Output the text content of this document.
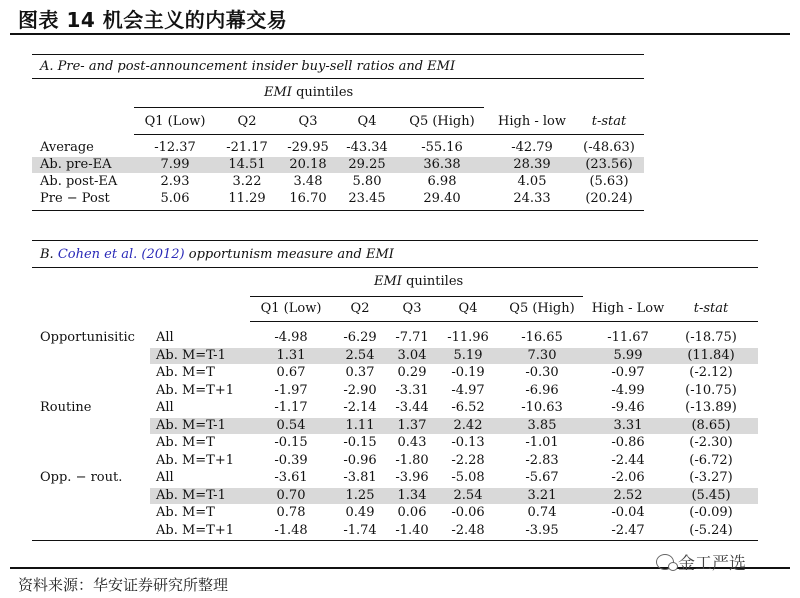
图表 14 机会主义的内幕交易
A. Pre- and post-announcement insider buy-sell ratios and EMI
EMI quintiles
Q1 (Low) Q2	Q3	Q4	Q5 (High) High - low t-stat
Average	-12.37 -21.17 -29.95 -43.34	-55.16	-42.79 (-48.63)
Ab. pre-EA	7.99	14.51 20.18 29.25	36.38	28.39	(23.56)
Ab. post-EA	2.93	3.22 3.48 5.80	6.98	4.05	(5.63)
Pre − Post	5.06	11.29 16.70 23.45	29.40	24.33	(20.24)
B. Cohen et al. (2012) opportunism measure and EMI
EMI quintiles
Q1 (Low) Q2	Q3	Q4 Q5 (High) High - Low t-stat
Opportunisitic All	-4.98	-6.29 -7.71 -11.96 -16.65	-11.67	(-18.75)
Ab. M=T-1	1.31	2.54 3.04 5.19	7.30	5.99	(11.84)
Ab. M=T	0.67	0.37 0.29 -0.19	-0.30	-0.97	(-2.12)
Ab. M=T+1	-1.97	-2.90 -3.31 -4.97	-6.96	-4.99	(-10.75)
Routine	All	-1.17	-2.14 -3.44 -6.52	-10.63	-9.46	(-13.89)
Ab. M=T-1	0.54	1.11 1.37 2.42	3.85	3.31	(8.65)
Ab. M=T	-0.15	-0.15 0.43 -0.13	-1.01	-0.86	(-2.30)
Ab. M=T+1	-0.39	-0.96 -1.80 -2.28	-2.83	-2.44	(-6.72)
Opp. − rout.	All	-3.61	-3.81 -3.96 -5.08	-5.67	-2.06	(-3.27)
Ab. M=T-1	0.70	1.25 1.34 2.54	3.21	2.52	(5.45)
Ab. M=T	0.78	0.49 0.06 -0.06	0.74	-0.04	(-0.09)
Ab. M=T+1	-1.48	-1.74 -1.40 -2.48	-3.95	-2.47	(-5.24)
资料来源：华安证券研究所整理
金工严选
